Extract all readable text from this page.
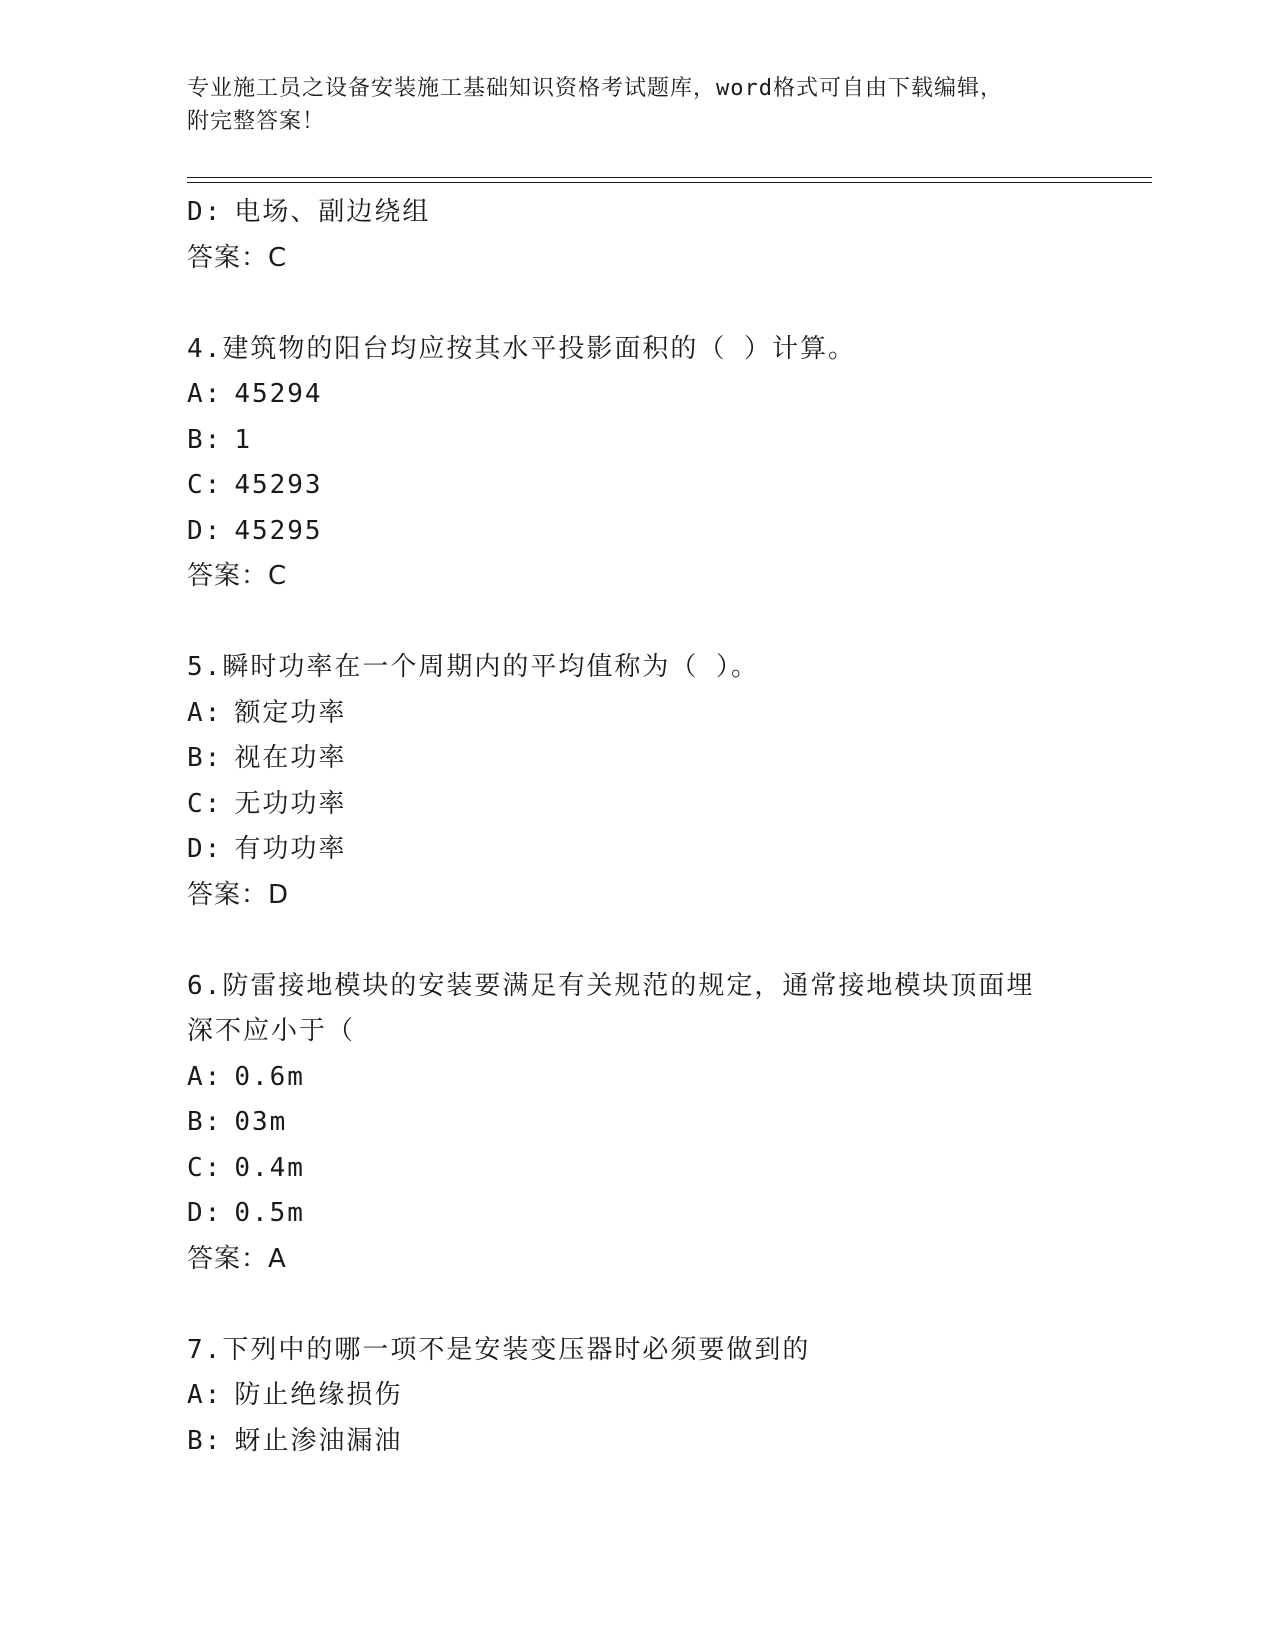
专业施工员之设备安装施工基础知识资格考试题库，word格式可自由下载编辑，
附完整答案！
D: 电场、副边绕组
答案：C
4.建筑物的阳台均应按其水平投影面积的（ ）计算。
A: 45294
B: 1
C: 45293
D: 45295
答案：C
5.瞬时功率在一个周期内的平均值称为（ ）。
A: 额定功率
B: 视在功率
C: 无功功率
D: 有功功率
答案：D
6.防雷接地模块的安装要满足有关规范的规定，通常接地模块顶面埋
深不应小于（
A: 0.6m
B: 03m
C: 0.4m
D: 0.5m
答案：A
7.下列中的哪一项不是安装变压器时必须要做到的
A: 防止绝缘损伤
B: 蚜止渗油漏油
